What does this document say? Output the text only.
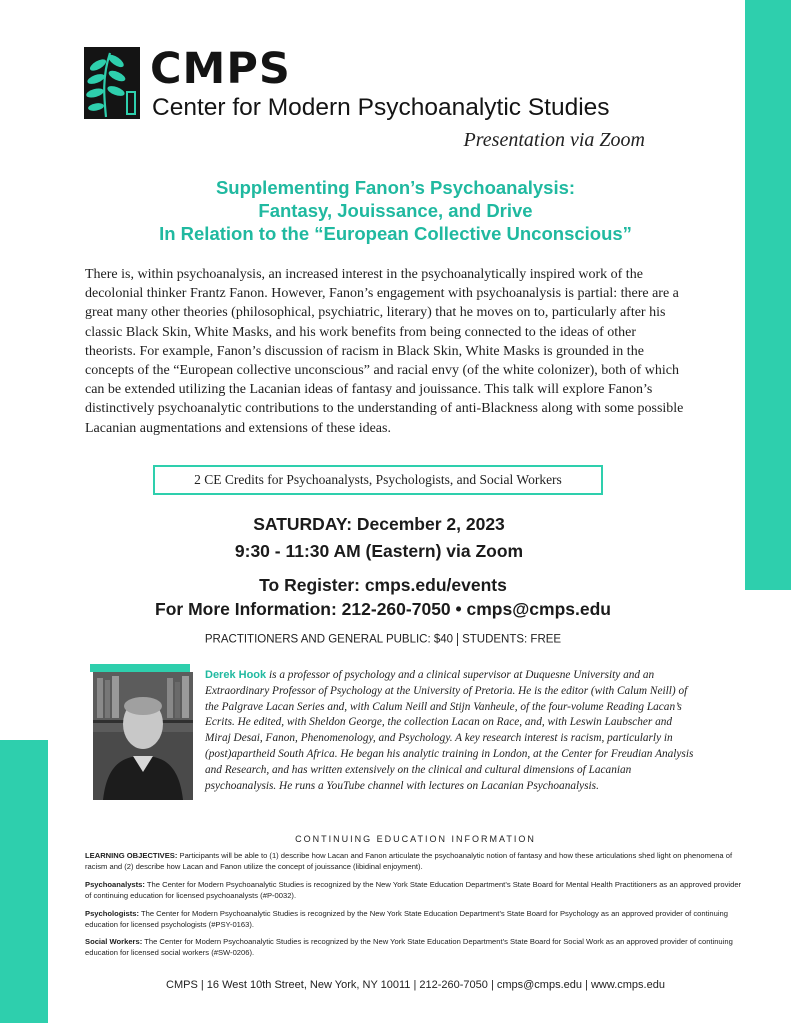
CMPS
Center for Modern Psychoanalytic Studies
Presentation via Zoom
Supplementing Fanon’s Psychoanalysis:
Fantasy, Jouissance, and Drive
In Relation to the “European Collective Unconscious”
There is, within psychoanalysis, an increased interest in the psychoanalytically inspired work of the decolonial thinker Frantz Fanon. However, Fanon’s engagement with psychoanalysis is partial: there are a great many other theories (philosophical, psychiatric, literary) that he moves on to, particularly after his classic Black Skin, White Masks, and his work benefits from being connected to the ideas of other theorists. For example, Fanon’s discussion of racism in Black Skin, White Masks is grounded in the concepts of the “European collective unconscious” and racial envy (of the white colonizer), both of which can be extended utilizing the Lacanian ideas of fantasy and jouissance. This talk will explore Fanon’s distinctively psychoanalytic contributions to the understanding of anti-Blackness along with some possible Lacanian augmentations and extensions of these ideas.
2 CE Credits for Psychoanalysts, Psychologists, and Social Workers
SATURDAY: December 2, 2023
9:30 - 11:30 AM (Eastern) via Zoom
To Register: cmps.edu/events
For More Information: 212-260-7050 • cmps@cmps.edu
PRACTITIONERS AND GENERAL PUBLIC: $40 STUDENTS: FREE
Derek Hook is a professor of psychology and a clinical supervisor at Duquesne University and an Extraordinary Professor of Psychology at the University of Pretoria. He is the editor (with Calum Neill) of the Palgrave Lacan Series and, with Calum Neill and Stijn Vanheule, of the four-volume Reading Lacan’s Ecrits. He edited, with Sheldon George, the collection Lacan on Race, and, with Leswin Laubscher and Miraj Desai, Fanon, Phenomenology, and Psychology. A key research interest is racism, particularly in (post)apartheid South Africa. He began his analytic training in London, at the Center for Freudian Analysis and Research, and has written extensively on the clinical and cultural dimensions of Lacanian psychoanalysis. He runs a YouTube channel with lectures on Lacanian Psychoanalysis.
CONTINUING EDUCATION INFORMATION
LEARNING OBJECTIVES: Participants will be able to (1) describe how Lacan and Fanon articulate the psychoanalytic notion of fantasy and how these articulations shed light on phenomena of racism and (2) describe how Lacan and Fanon utilize the concept of jouissance (libidinal enjoyment).
Psychoanalysts: The Center for Modern Psychoanalytic Studies is recognized by the New York State Education Department’s State Board for Mental Health Practitioners as an approved provider of continuing education for licensed psychoanalysts (#P-0032).
Psychologists: The Center for Modern Psychoanalytic Studies is recognized by the New York State Education Department’s State Board for Psychology as an approved provider of continuing education for licensed psychologists (#PSY-0163).
Social Workers: The Center for Modern Psychoanalytic Studies is recognized by the New York State Education Department’s State Board for Social Work as an approved provider of continuing education for licensed social workers (#SW-0206).
CMPS | 16 West 10th Street, New York, NY 10011 | 212-260-7050 | cmps@cmps.edu | www.cmps.edu
